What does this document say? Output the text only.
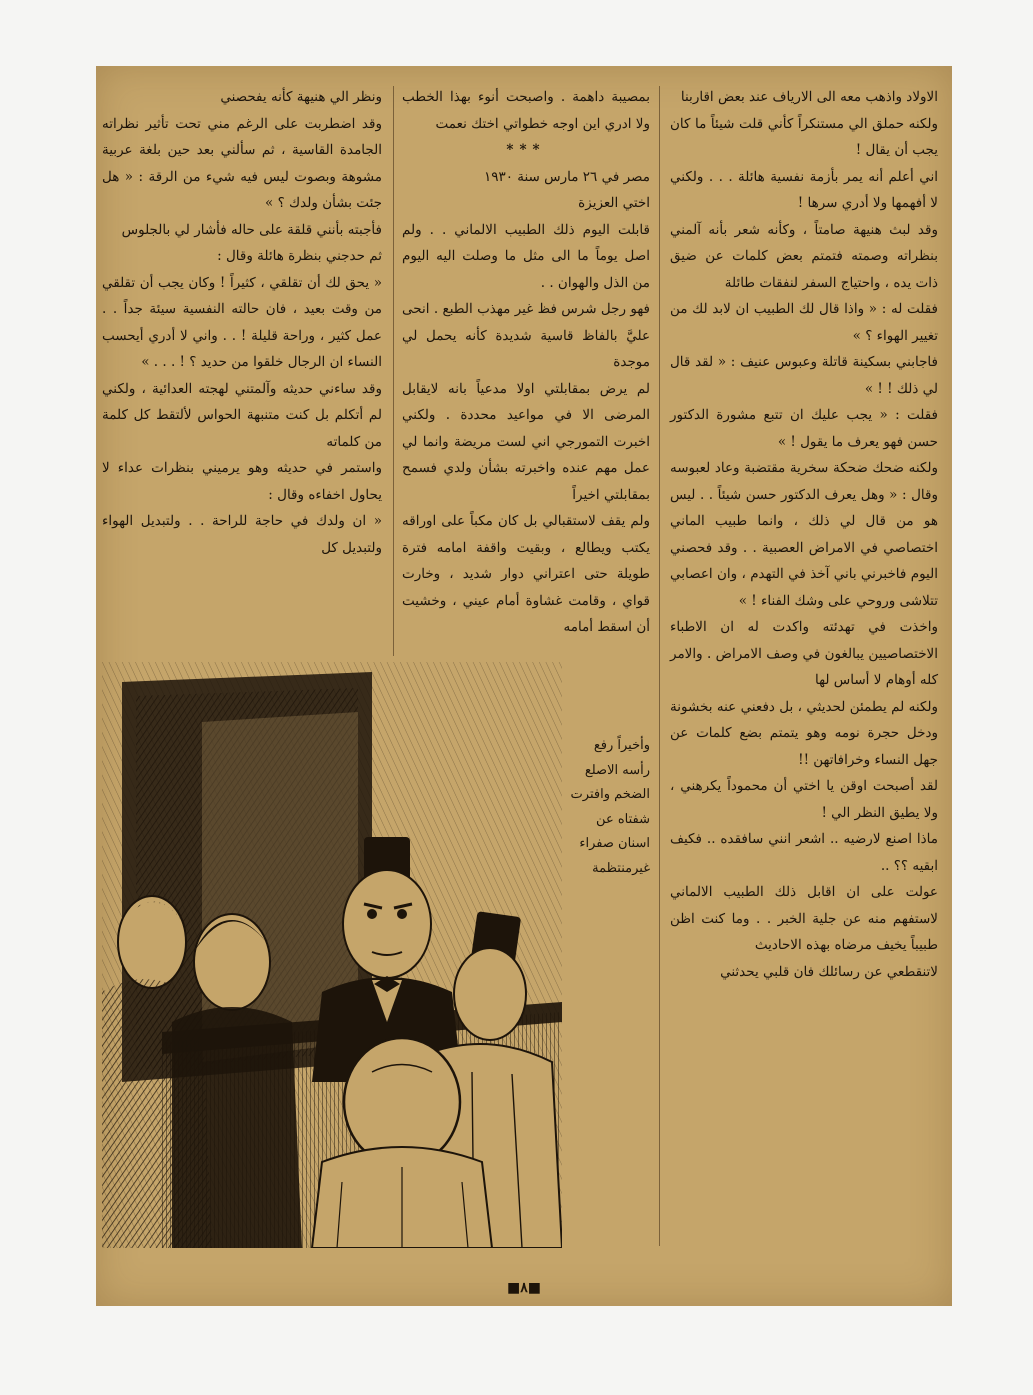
الاولاد واذهب معه الى الارياف عند بعض اقاربنا

ولكنه حملق الي مستنكراً كأني قلت شيئاً ما كان يجب أن يقال !

اني أعلم أنه يمر بأزمة نفسية هائلة . . . ولكني لا أفهمها ولا أدري سرها !

وقد لبث هنيهة صامتاً ، وكأنه شعر بأنه آلمني بنظراته وصمته فتمتم بعض كلمات عن ضيق ذات يده ، واحتياج السفر لنفقات طائلة

فقلت له : « واذا قال لك الطبيب ان لابد لك من تغيير الهواء ؟ »

فاجابني بسكينة قاتلة وعبوس عنيف : « لقد قال لي ذلك ! ! »

فقلت : « يجب عليك ان تتبع مشورة الدكتور حسن فهو يعرف ما يقول ! »

ولكنه ضحك ضحكة سخرية مقتضبة وعاد لعبوسه وقال : « وهل يعرف الدكتور حسن شيئاً . . ليس هو من قال لي ذلك ، وانما طبيب الماني اختصاصي في الامراض العصبية . . وقد فحصني اليوم فاخبرني باني آخذ في التهدم ، وان اعصابي تتلاشى وروحي على وشك الفناء ! »

واخذت في تهدئته واكدت له ان الاطباء الاختصاصيين يبالغون في وصف الامراض . والامر كله أوهام لا أساس لها

ولكنه لم يطمئن لحديثي ، بل دفعني عنه بخشونة ودخل حجرة نومه وهو يتمتم بضع كلمات عن جهل النساء وخرافاتهن !!

لقد أصبحت اوقن يا اختي أن محموداً يكرهني ، ولا يطيق النظر الي !

ماذا اصنع لارضيه .. اشعر انني سافقده .. فكيف ابقيه ؟؟ ..

عولت على ان اقابل ذلك الطبيب الالماني لاستفهم منه عن جلية الخبر . . وما كنت اظن طبيباً يخيف مرضاه بهذه الاحاديث

لاتنقطعي عن رسائلك فان قلبي يحدثني

بمصيبة داهمة . واصبحت أنوء بهذا الخطب ولا ادري اين اوجه خطواتي اختك نعمت

***

مصر في ٢٦ مارس سنة ١٩٣٠

اختي العزيزة

قابلت اليوم ذلك الطبيب الالماني . . ولم اصل يوماً ما الى مثل ما وصلت اليه اليوم من الذل والهوان . .

فهو رجل شرس فظ غير مهذب الطبع . انحى عليَّ بالفاظ قاسية شديدة كأنه يحمل لي موجدة

لم يرض بمقابلتي اولا مدعياً بانه لايقابل المرضى الا في مواعيد محددة . ولكني اخبرت التمورجي اني لست مريضة وانما لي عمل مهم عنده واخبرته بشأن ولدي فسمح بمقابلتي اخيراً

ولم يقف لاستقبالي بل كان مكباً على اوراقه يكتب ويطالع ، وبقيت واقفة امامه فترة طويلة حتى اعتراني دوار شديد ، وخارت قواي ، وقامت غشاوة أمام عيني ، وخشيت أن اسقط أمامه

وأخيراً رفع رأسه الاصلع الضخم وافترت شفتاه عن اسنان صفراء غيرمنتظمة

ونظر الي هنيهة كأنه يفحصني

وقد اضطربت على الرغم مني تحت تأثير نظراته الجامدة القاسية ، ثم سألني بعد حين بلغة عربية مشوهة وبصوت ليس فيه شيء من الرقة : « هل جئت بشأن ولدك ؟ »

فأجبته بأنني قلقة على حاله فأشار لي بالجلوس

ثم حدجني بنظرة هائلة وقال :

« يحق لك أن تقلقي ، كثيراً ! وكان يجب أن تقلقي من وقت بعيد ، فان حالته النفسية سيئة جداً . . عمل كثير ، وراحة قليلة ! . . واني لا أدري أيحسب النساء ان الرجال خلقوا من حديد ؟ ! . . . »

وقد ساءني حديثه وآلمتني لهجته العدائية ، ولكني لم أتكلم بل كنت متنبهة الحواس لألتقط كل كلمة من كلماته

واستمر في حديثه وهو يرميني بنظرات عداء لا يحاول اخفاءه وقال :

« ان ولدك في حاجة للراحة . . ولتبديل الهواء ولتبديل كل

■٨■
